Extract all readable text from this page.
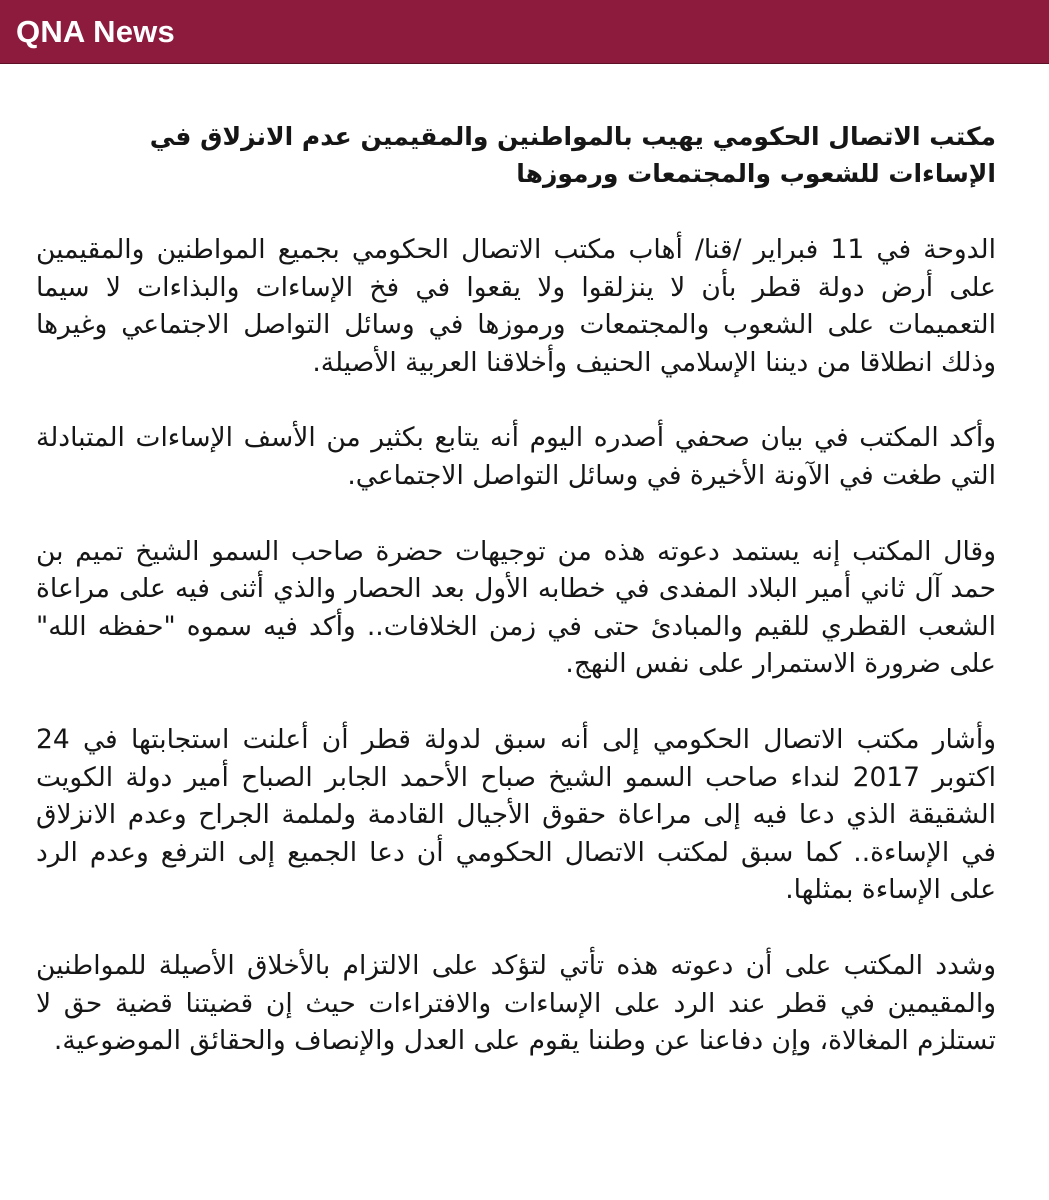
QNA News
مكتب الاتصال الحكومي يهيب بالمواطنين والمقيمين عدم الانزلاق في الإساءات للشعوب والمجتمعات ورموزها

الدوحة في 11 فبراير /قنا/ أهاب مكتب الاتصال الحكومي بجميع المواطنين والمقيمين على أرض دولة قطر بأن لا ينزلقوا ولا يقعوا في فخ الإساءات والبذاءات لا سيما التعميمات على الشعوب والمجتمعات ورموزها في وسائل التواصل الاجتماعي وغيرها وذلك انطلاقا من ديننا الإسلامي الحنيف وأخلاقنا العربية الأصيلة.

وأكد المكتب في بيان صحفي أصدره اليوم أنه يتابع بكثير من الأسف الإساءات المتبادلة التي طغت في الآونة الأخيرة في وسائل التواصل الاجتماعي.

وقال المكتب إنه يستمد دعوته هذه من توجيهات حضرة صاحب السمو الشيخ تميم بن حمد آل ثاني أمير البلاد المفدى في خطابه الأول بعد الحصار والذي أثنى فيه على مراعاة الشعب القطري للقيم والمبادئ حتى في زمن الخلافات.. وأكد فيه سموه "حفظه الله" على ضرورة الاستمرار على نفس النهج.

وأشار مكتب الاتصال الحكومي إلى أنه سبق لدولة قطر أن أعلنت استجابتها في 24 اكتوبر 2017 لنداء صاحب السمو الشيخ صباح الأحمد الجابر الصباح أمير دولة الكويت الشقيقة الذي دعا فيه إلى مراعاة حقوق الأجيال القادمة ولملمة الجراح وعدم الانزلاق في الإساءة.. كما سبق لمكتب الاتصال الحكومي أن دعا الجميع إلى الترفع وعدم الرد على الإساءة بمثلها.

وشدد المكتب على أن دعوته هذه تأتي لتؤكد على الالتزام بالأخلاق الأصيلة للمواطنين والمقيمين في قطر عند الرد على الإساءات والافتراءات حيث إن قضيتنا قضية حق لا تستلزم المغالاة، وإن دفاعنا عن وطننا يقوم على العدل والإنصاف والحقائق الموضوعية.
